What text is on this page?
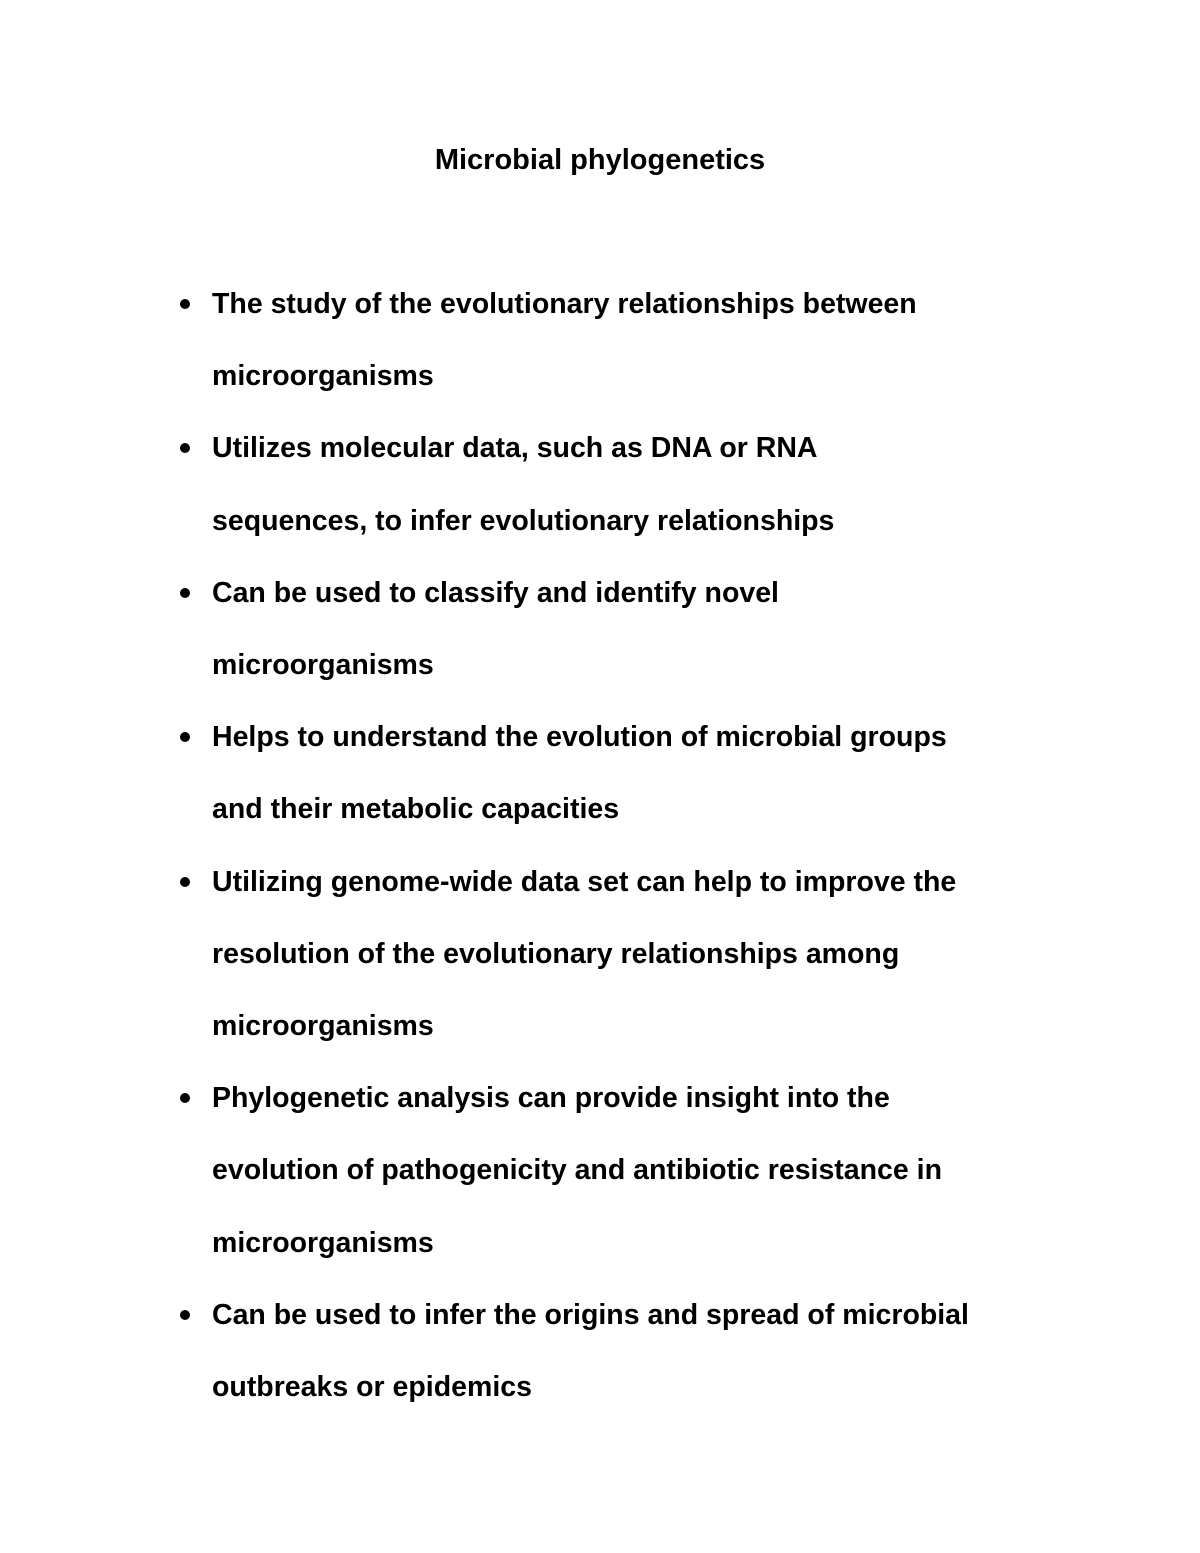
Microbial phylogenetics
The study of the evolutionary relationships between
microorganisms
Utilizes molecular data, such as DNA or RNA
sequences, to infer evolutionary relationships
Can be used to classify and identify novel
microorganisms
Helps to understand the evolution of microbial groups
and their metabolic capacities
Utilizing genome-wide data set can help to improve the
resolution of the evolutionary relationships among
microorganisms
Phylogenetic analysis can provide insight into the
evolution of pathogenicity and antibiotic resistance in
microorganisms
Can be used to infer the origins and spread of microbial
outbreaks or epidemics
